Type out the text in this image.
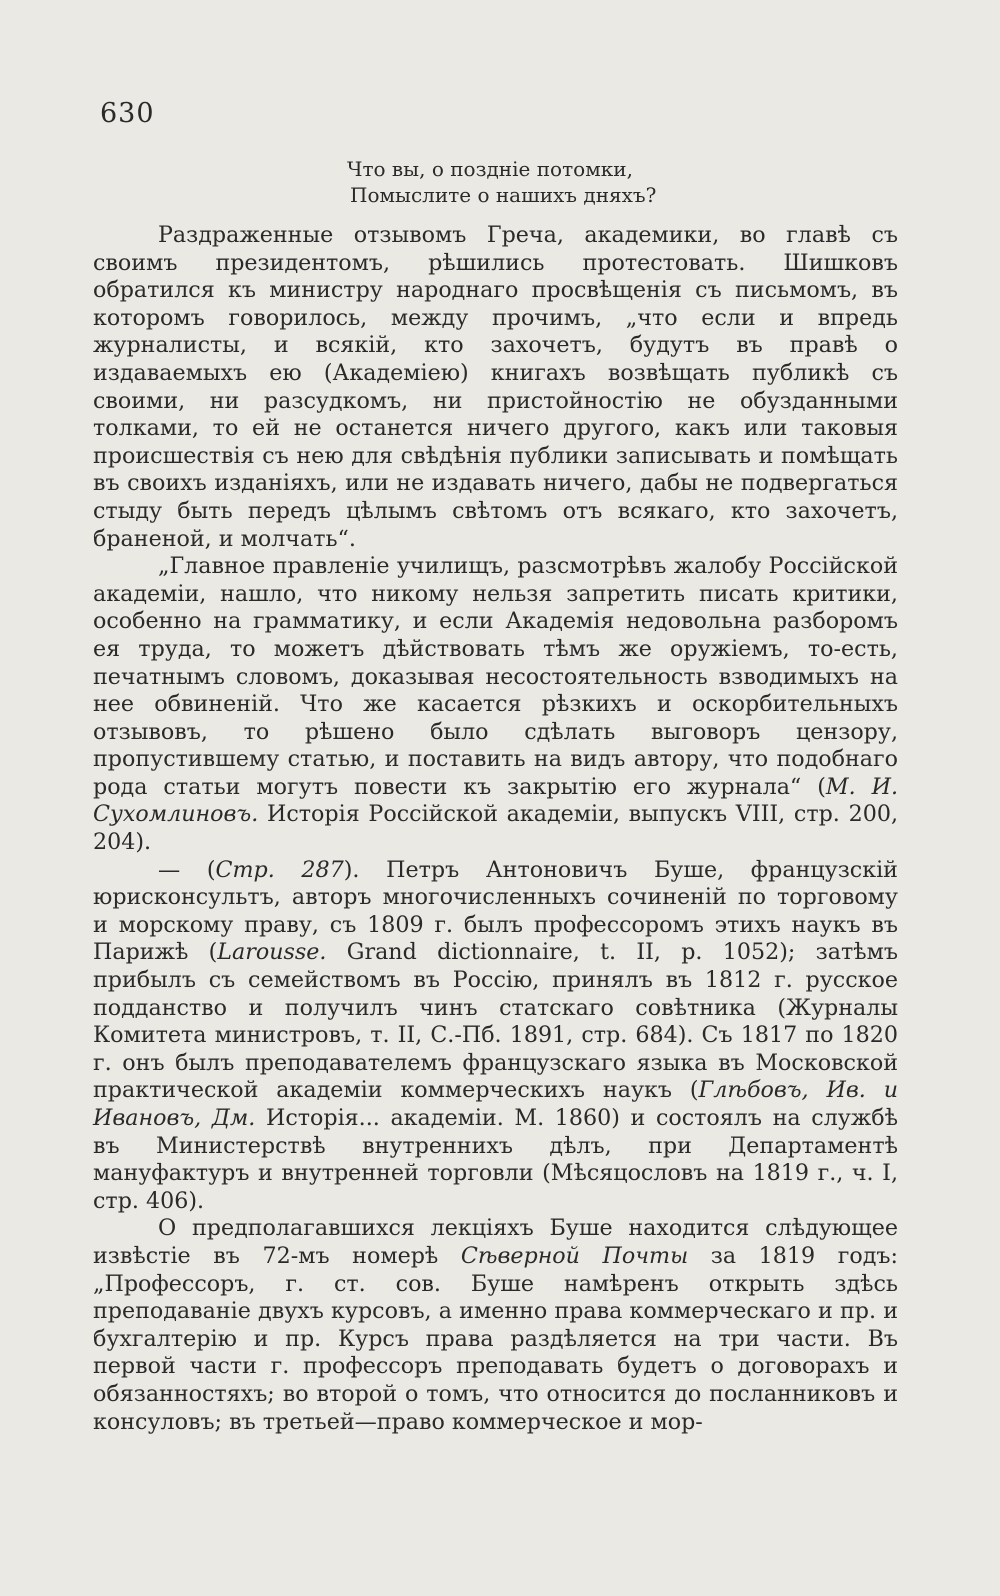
630
Что вы, о поздніе потомки,
Помыслите о нашихъ дняхъ?

Раздраженные отзывомъ Греча, академики, во главѣ съ своимъ президентомъ, рѣшились протестовать. Шишковъ обратился къ министру народнаго просвѣщенія съ письмомъ, въ которомъ говорилось, между прочимъ, „что если и впредь журналисты, и всякій, кто захочетъ, будутъ въ правѣ о издаваемыхъ ею (Академіею) книгахъ возвѣщать публикѣ съ своими, ни разсудкомъ, ни пристойностію не обузданными толками, то ей не останется ничего другого, какъ или таковыя происшествія съ нею для свѣдѣнія публики записывать и помѣщать въ своихъ изданіяхъ, или не издавать ничего, дабы не подвергаться стыду быть передъ цѣлымъ свѣтомъ отъ всякаго, кто захочетъ, браненой, и молчать“.

„Главное правленіе училищъ, разсмотрѣвъ жалобу Россійской академіи, нашло, что никому нельзя запретить писать критики, особенно на грамматику, и если Академія недовольна разборомъ ея труда, то можетъ дѣйствовать тѣмъ же оружіемъ, то-есть, печатнымъ словомъ, доказывая несостоятельность взводимыхъ на нее обвиненій. Что же касается рѣзкихъ и оскорбительныхъ отзывовъ, то рѣшено было сдѣлать выговоръ цензору, пропустившему статью, и поставить на видъ автору, что подобнаго рода статьи могутъ повести къ закрытію его журнала“ (М. И. Сухомлиновъ. Исторія Россійской академіи, выпускъ VIII, стр. 200, 204).

— (Стр. 287). Петръ Антоновичъ Буше, французскій юрисконсультъ, авторъ многочисленныхъ сочиненій по торговому и морскому праву, съ 1809 г. былъ профессоромъ этихъ наукъ въ Парижѣ (Larousse. Grand dictionnaire, t. II, p. 1052); затѣмъ прибылъ съ семействомъ въ Россію, принялъ въ 1812 г. русское подданство и получилъ чинъ статскаго совѣтника (Журналы Комитета министровъ, т. II, С.-Пб. 1891, стр. 684). Съ 1817 по 1820 г. онъ былъ преподавателемъ французскаго языка въ Московской практической академіи коммерческихъ наукъ (Глѣбовъ, Ив. и Ивановъ, Дм. Исторія... академіи. М. 1860) и состоялъ на службѣ въ Министерствѣ внутреннихъ дѣлъ, при Департаментѣ мануфактуръ и внутренней торговли (Мѣсяцословъ на 1819 г., ч. I, стр. 406).

О предполагавшихся лекціяхъ Буше находится слѣдующее извѣстіе въ 72-мъ номерѣ Сѣверной Почты за 1819 годъ: „Профессоръ, г. ст. сов. Буше намѣренъ открыть здѣсь преподаваніе двухъ курсовъ, а именно права коммерческаго и пр. и бухгалтерію и пр. Курсъ права раздѣляется на три части. Въ первой части г. профессоръ преподавать будетъ о договорахъ и обязанностяхъ; во второй о томъ, что относится до посланниковъ и консуловъ; въ третьей—право коммерческое и мор-
